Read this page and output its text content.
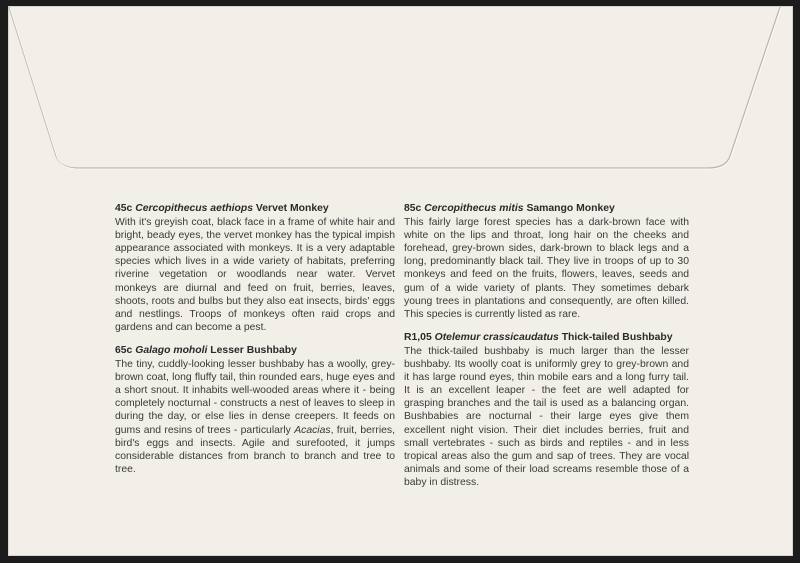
45c Cercopithecus aethiops Vervet Monkey
With it's greyish coat, black face in a frame of white hair and bright, beady eyes, the vervet monkey has the typical impish appearance associated with monkeys. It is a very adaptable species which lives in a wide variety of habitats, preferring riverine vegetation or woodlands near water. Vervet monkeys are diurnal and feed on fruit, berries, leaves, shoots, roots and bulbs but they also eat insects, birds' eggs and nestlings. Troops of monkeys often raid crops and gardens and can become a pest.
65c Galago moholi Lesser Bushbaby
The tiny, cuddly-looking lesser bushbaby has a woolly, grey-brown coat, long fluffy tail, thin rounded ears, huge eyes and a short snout. It inhabits well-wooded areas where it - being completely nocturnal - constructs a nest of leaves to sleep in during the day, or else lies in dense creepers. It feeds on gums and resins of trees - particularly Acacias, fruit, berries, bird's eggs and insects. Agile and surefooted, it jumps considerable distances from branch to branch and tree to tree.
85c Cercopithecus mitis Samango Monkey
This fairly large forest species has a dark-brown face with white on the lips and throat, long hair on the cheeks and forehead, grey-brown sides, dark-brown to black legs and a long, predominantly black tail. They live in troops of up to 30 monkeys and feed on the fruits, flowers, leaves, seeds and gum of a wide variety of plants. They sometimes debark young trees in plantations and consequently, are often killed. This species is currently listed as rare.
R1,05 Otelemur crassicaudatus Thick-tailed Bushbaby
The thick-tailed bushbaby is much larger than the lesser bushbaby. Its woolly coat is uniformly grey to grey-brown and it has large round eyes, thin mobile ears and a long furry tail. It is an excellent leaper - the feet are well adapted for grasping branches and the tail is used as a balancing organ. Bushbabies are nocturnal - their large eyes give them excellent night vision. Their diet includes berries, fruit and small vertebrates - such as birds and reptiles - and in less tropical areas also the gum and sap of trees. They are vocal animals and some of their load screams resemble those of a baby in distress.
